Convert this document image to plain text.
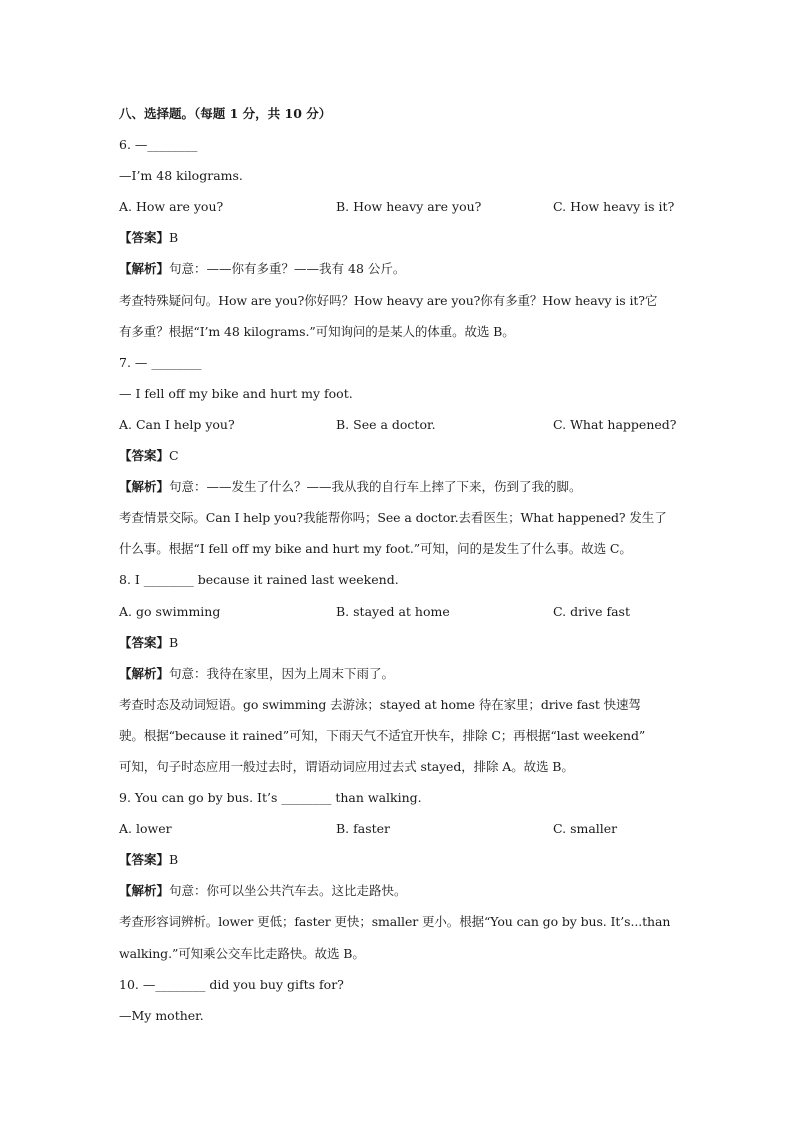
八、选择题。（每题 1 分，共 10 分）
6. —________
—I’m 48 kilograms.
A. How are you?	B. How heavy are you?	C. How heavy is it?
【答案】B
【解析】句意：——你有多重？——我有 48 公斤。
考查特殊疑问句。How are you?你好吗？How heavy are you?你有多重？How heavy is it?它
有多重？根据“I’m 48 kilograms.”可知询问的是某人的体重。故选 B。
7. — ________
— I fell off my bike and hurt my foot.
A. Can I help you?	B. See a doctor.	C. What happened?
【答案】C
【解析】句意：——发生了什么？——我从我的自行车上摔了下来，伤到了我的脚。
考查情景交际。Can I help you?我能帮你吗；See a doctor.去看医生；What happened? 发生了
什么事。根据“I fell off my bike and hurt my foot.”可知，问的是发生了什么事。故选 C。
8. I ________ because it rained last weekend.
A. go swimming	B. stayed at home	C. drive fast
【答案】B
【解析】句意：我待在家里，因为上周末下雨了。
考查时态及动词短语。go swimming 去游泳；stayed at home 待在家里；drive fast 快速驾
驶。根据“because it rained”可知，下雨天气不适宜开快车，排除 C；再根据“last weekend”
可知，句子时态应用一般过去时，谓语动词应用过去式 stayed，排除 A。故选 B。
9. You can go by bus. It’s ________ than walking.
A. lower	B. faster	C. smaller
【答案】B
【解析】句意：你可以坐公共汽车去。这比走路快。
考查形容词辨析。lower 更低；faster 更快；smaller 更小。根据“You can go by bus. It’s...than
walking.”可知乘公交车比走路快。故选 B。
10. —________ did you buy gifts for?
—My mother.
